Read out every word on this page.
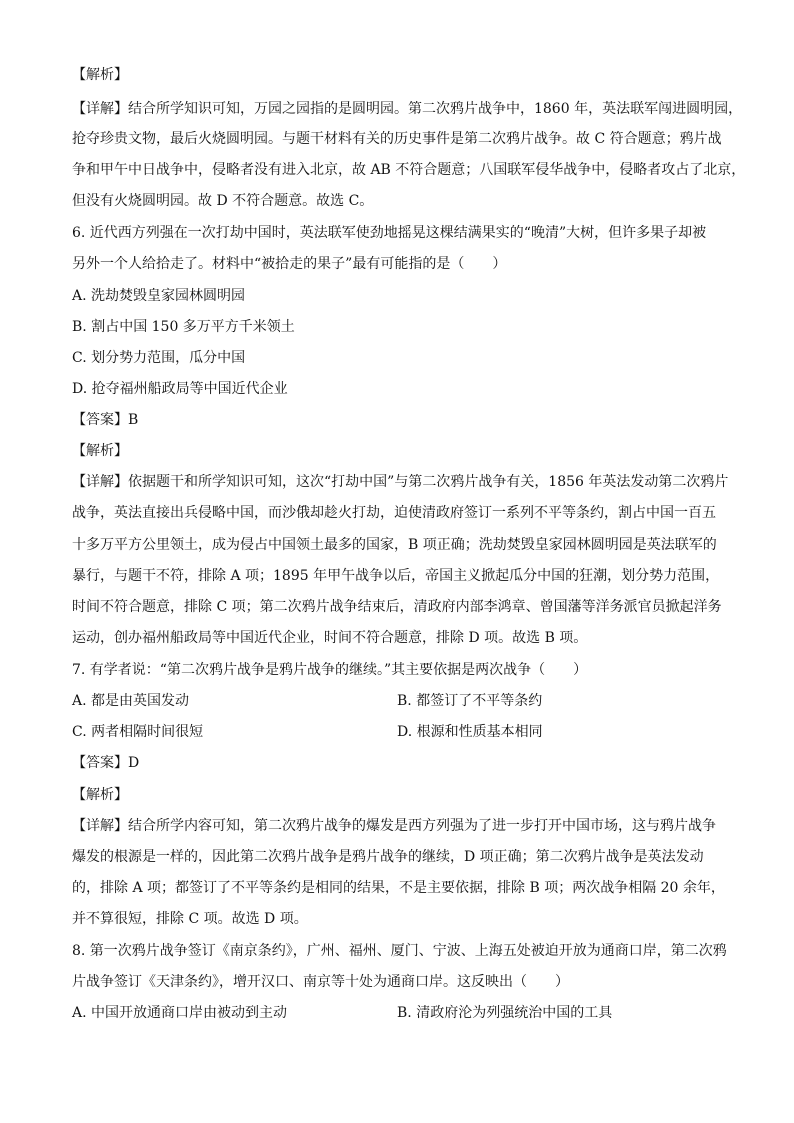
【解析】
【详解】结合所学知识可知，万园之园指的是圆明园。第二次鸦片战争中，1860 年，英法联军闯进圆明园，
抢夺珍贵文物，最后火烧圆明园。与题干材料有关的历史事件是第二次鸦片战争。故 C 符合题意；鸦片战
争和甲午中日战争中，侵略者没有进入北京，故 AB 不符合题意；八国联军侵华战争中，侵略者攻占了北京，
但没有火烧圆明园。故 D 不符合题意。故选 C。
6. 近代西方列强在一次打劫中国时，英法联军使劲地摇晃这棵结满果实的“晚清”大树，但许多果子却被
另外一个人给拾走了。材料中“被拾走的果子”最有可能指的是（　　）
A. 洗劫焚毁皇家园林圆明园
B. 割占中国 150 多万平方千米领土
C. 划分势力范围，瓜分中国
D. 抢夺福州船政局等中国近代企业
【答案】B
【解析】
【详解】依据题干和所学知识可知，这次“打劫中国”与第二次鸦片战争有关，1856 年英法发动第二次鸦片
战争，英法直接出兵侵略中国，而沙俄却趁火打劫，迫使清政府签订一系列不平等条约，割占中国一百五
十多万平方公里领土，成为侵占中国领土最多的国家，B 项正确；洗劫焚毁皇家园林圆明园是英法联军的
暴行，与题干不符，排除 A 项；1895 年甲午战争以后，帝国主义掀起瓜分中国的狂潮，划分势力范围，
时间不符合题意，排除 C 项；第二次鸦片战争结束后，清政府内部李鸿章、曾国藩等洋务派官员掀起洋务
运动，创办福州船政局等中国近代企业，时间不符合题意，排除 D 项。故选 B 项。
7. 有学者说：“第二次鸦片战争是鸦片战争的继续。”其主要依据是两次战争（　　）
A. 都是由英国发动	B. 都签订了不平等条约
C. 两者相隔时间很短	D. 根源和性质基本相同
【答案】D
【解析】
【详解】结合所学内容可知，第二次鸦片战争的爆发是西方列强为了进一步打开中国市场，这与鸦片战争
爆发的根源是一样的，因此第二次鸦片战争是鸦片战争的继续，D 项正确；第二次鸦片战争是英法发动
的，排除 A 项；都签订了不平等条约是相同的结果，不是主要依据，排除 B 项；两次战争相隔 20 余年，
并不算很短，排除 C 项。故选 D 项。
8. 第一次鸦片战争签订《南京条约》，广州、福州、厦门、宁波、上海五处被迫开放为通商口岸，第二次鸦
片战争签订《天津条约》，增开汉口、南京等十处为通商口岸。这反映出（　　）
A. 中国开放通商口岸由被动到主动	B. 清政府沦为列强统治中国的工具
